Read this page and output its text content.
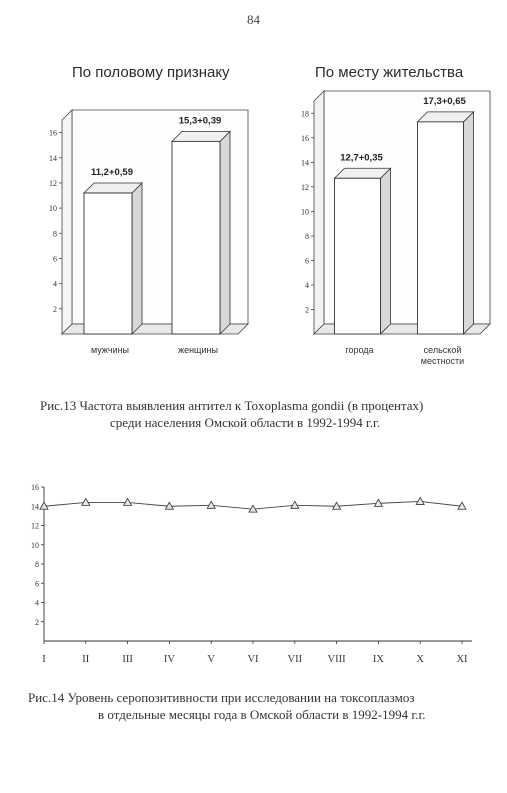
84
По половому признаку	По месту жительства
2
4
6
8
10
12
14
16
11,2+0,59
мужчины
15,3+0,39
женщины
2
4
6
8
10
12
14
16
18
12,7+0,35
города
17,3+0,65
сельской
местности
2
4
6
8
10
12
14
16
I	II	III	IV	V	VI	VII VIII	IX	X	XI
Рис.13 Частота выявления антител к Toxoplasma gondii (в процентах)
среди населения Омской области в 1992-1994 г.г.
Рис.14 Уровень серопозитивности при исследовании на токсоплазмоз
в отдельные месяцы года в Омской области в 1992-1994 г.г.
